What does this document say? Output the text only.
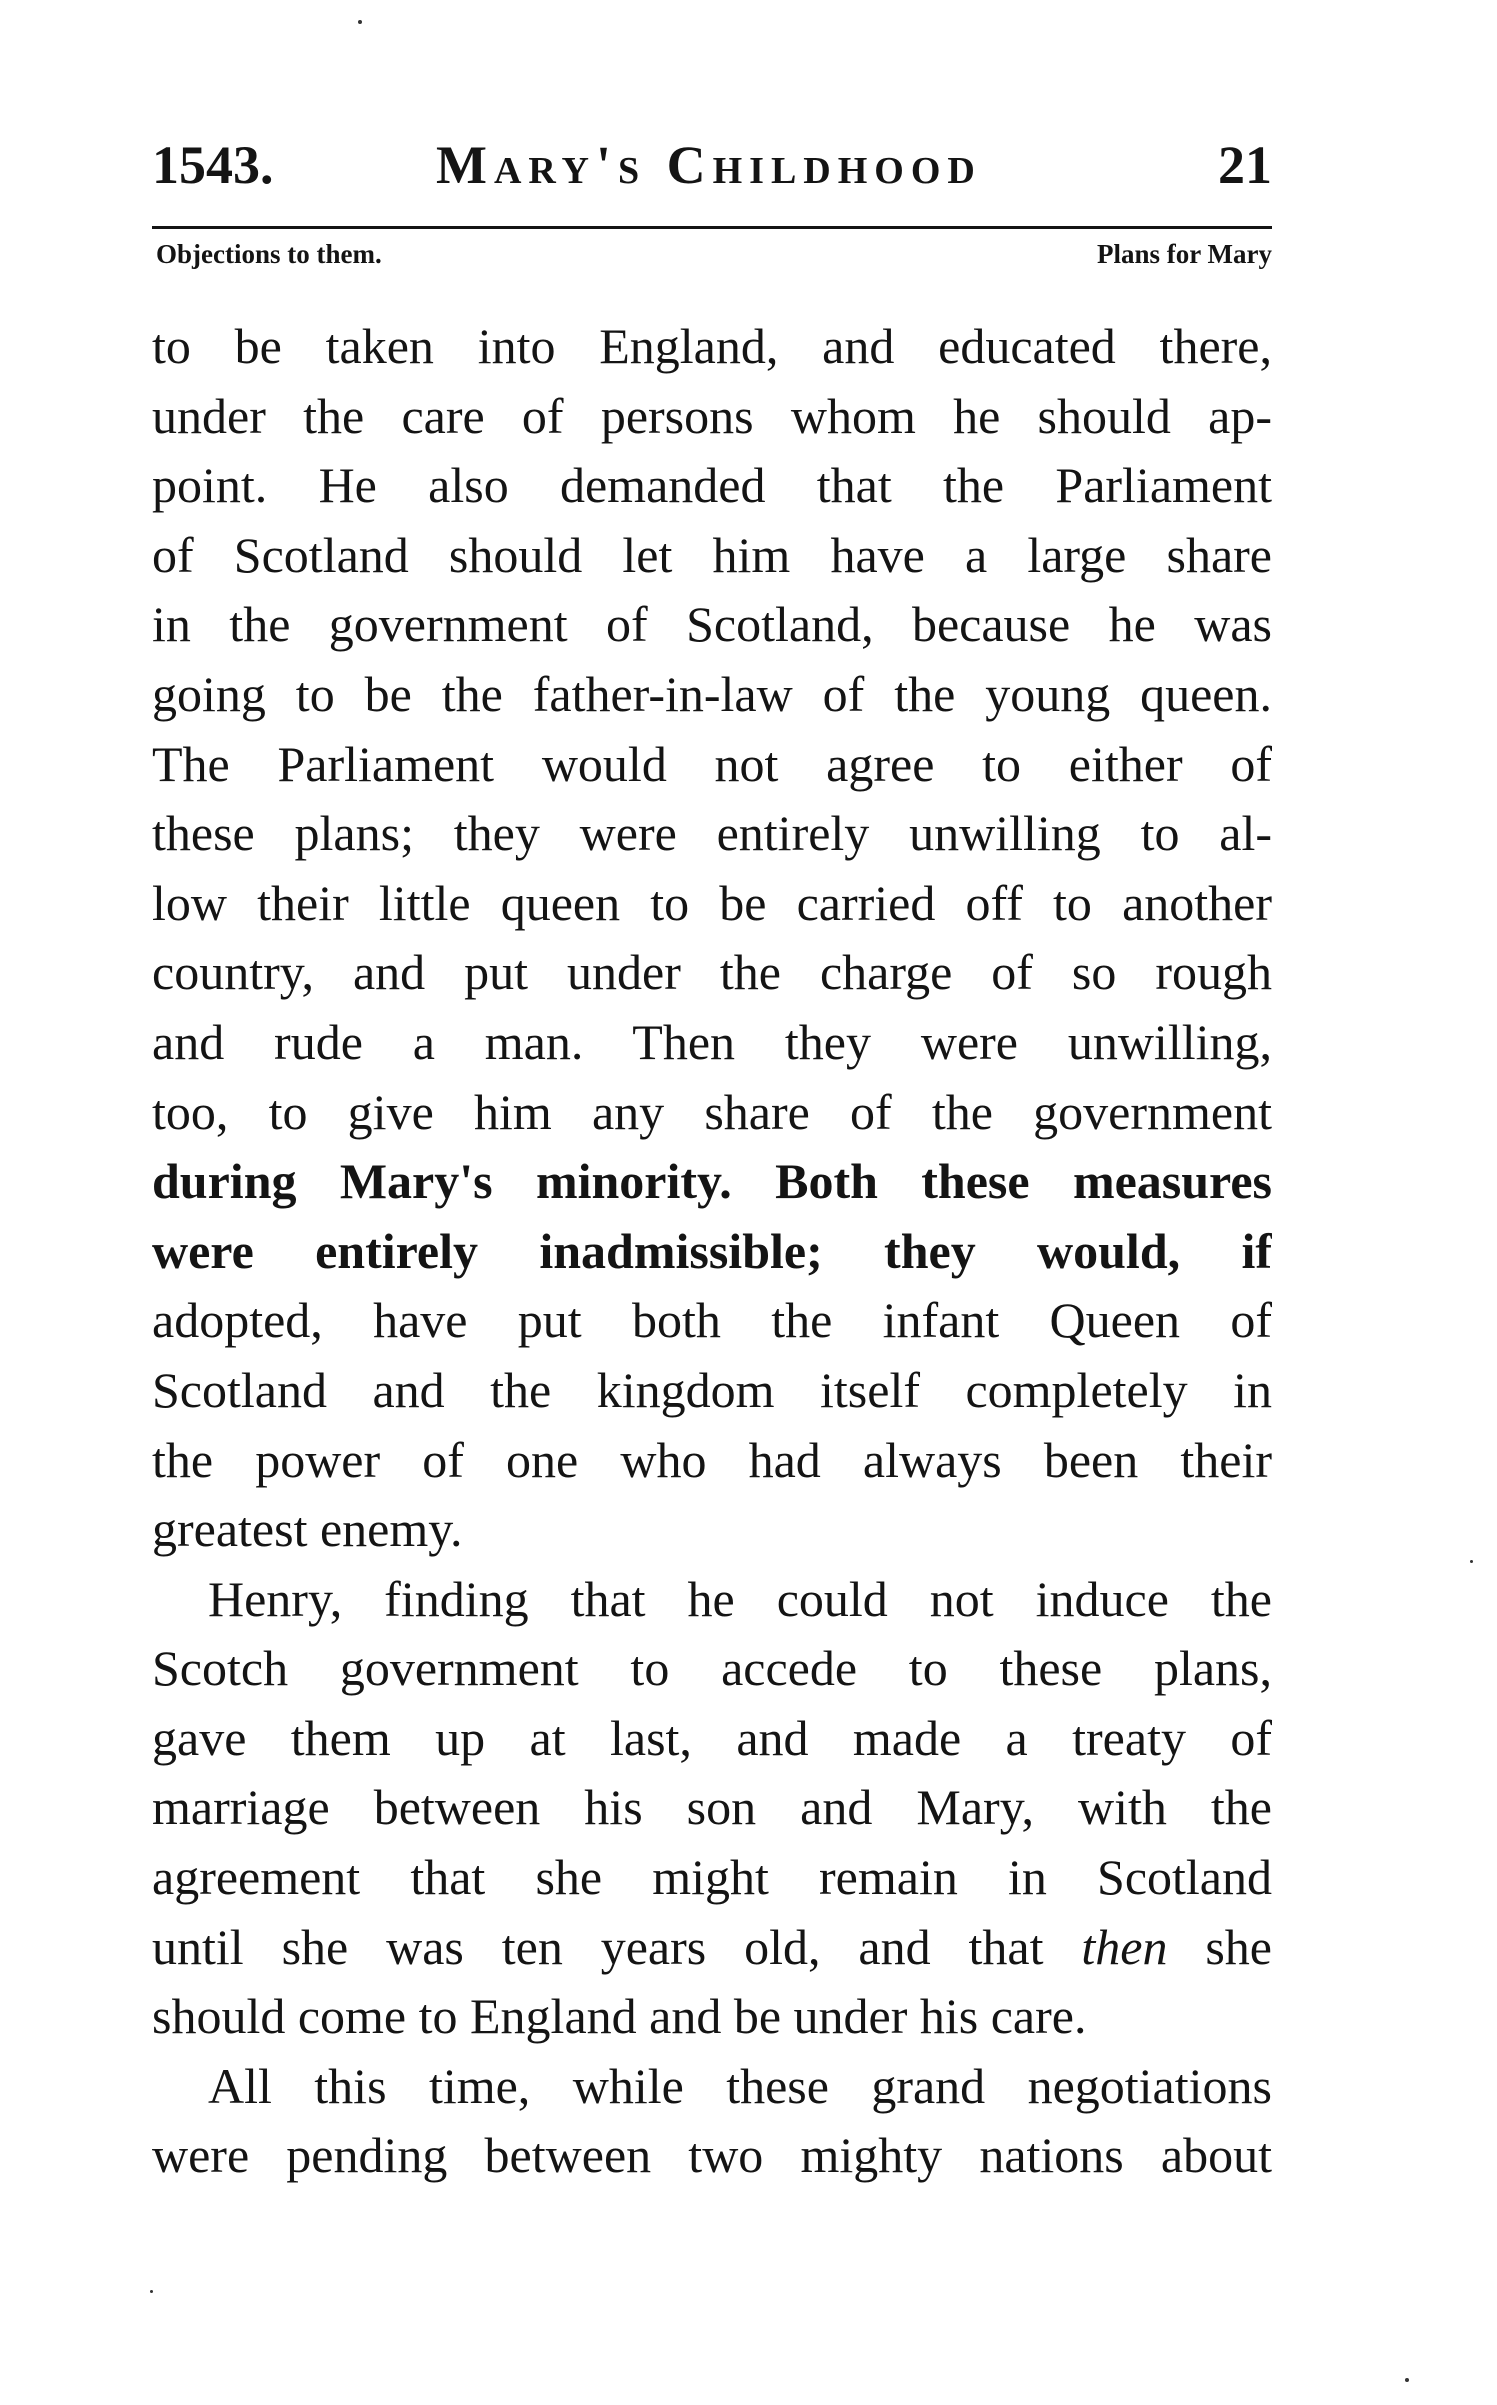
1543.	Mary's Childhood	21
Objections to them.	Plans for Mary
to be taken into England, and educated there,
under the care of persons whom he should ap-
point. He also demanded that the Parliament
of Scotland should let him have a large share
in the government of Scotland, because he was
going to be the father-in-law of the young queen.
The Parliament would not agree to either of
these plans; they were entirely unwilling to al-
low their little queen to be carried off to another
country, and put under the charge of so rough
and rude a man. Then they were unwilling,
too, to give him any share of the government
during Mary's minority. Both these measures
were entirely inadmissible; they would, if
adopted, have put both the infant Queen of
Scotland and the kingdom itself completely in
the power of one who had always been their
greatest enemy.
Henry, finding that he could not induce the
Scotch government to accede to these plans,
gave them up at last, and made a treaty of
marriage between his son and Mary, with the
agreement that she might remain in Scotland
until she was ten years old, and that then she
should come to England and be under his care.
All this time, while these grand negotiations
were pending between two mighty nations about
